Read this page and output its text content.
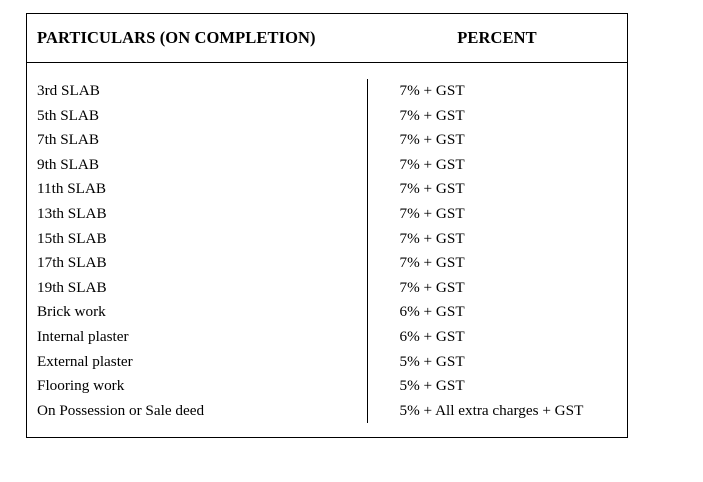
PARTICULARS (ON COMPLETION)	PERCENT

3rd SLAB	7% + GST
5th SLAB	7% + GST
7th SLAB	7% + GST
9th SLAB	7% + GST
11th SLAB	7% + GST
13th SLAB	7% + GST
15th SLAB	7% + GST
17th SLAB	7% + GST
19th SLAB	7% + GST
Brick work	6% + GST
Internal plaster	6% + GST
External plaster	5% + GST
Flooring work	5% + GST
On Possession or Sale deed	5% + All extra charges + GST
